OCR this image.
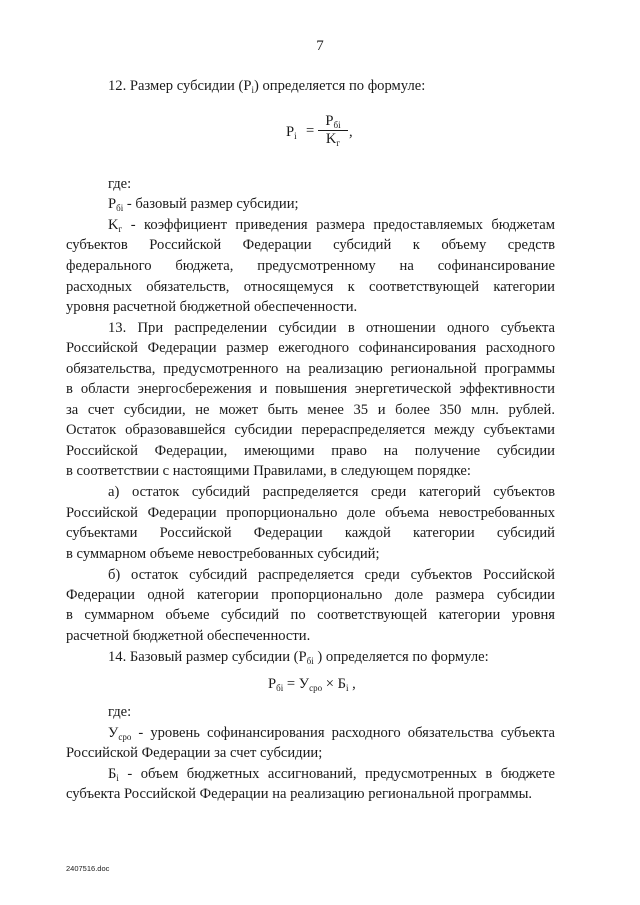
7
12. Размер субсидии $(P_i)$ определяется по формуле:
$P_i$ =
$P_{бi}$
$K_г$
,
где:
$P_{бi}$ - базовый размер субсидии;
$K_г$ - коэффициент приведения размера предоставляемых бюджетам
субъектов Российской Федерации субсидий к объему средств
федерального бюджета, предусмотренному на софинансирование
расходных обязательств, относящемуся к соответствующей категории
уровня расчетной бюджетной обеспеченности.
13. При распределении субсидии в отношении одного субъекта
Российской Федерации размер ежегодного софинансирования расходного
обязательства, предусмотренного на реализацию региональной программы
в области энергосбережения и повышения энергетической эффективности
за счет субсидии, не может быть менее 35 и более 350 млн. рублей.
Остаток образовавшейся субсидии перераспределяется между субъектами
Российской Федерации, имеющими право на получение субсидии
в соответствии с настоящими Правилами, в следующем порядке:
а) остаток субсидий распределяется среди категорий субъектов
Российской Федерации пропорционально доле объема невостребованных
субъектами Российской Федерации каждой категории субсидий
в суммарном объеме невостребованных субсидий;
б) остаток субсидий распределяется среди субъектов Российской
Федерации одной категории пропорционально доле размера субсидии
в суммарном объеме субсидий по соответствующей категории уровня
расчетной бюджетной обеспеченности.
14. Базовый размер субсидии ($P_{бi}$ ) определяется по формуле:
$P_{бi} = У_{сро} \times Б_i$ ,
где:
$У_{сро}$ - уровень софинансирования расходного обязательства субъекта
Российской Федерации за счет субсидии;
$Б_i$ - объем бюджетных ассигнований, предусмотренных в бюджете
субъекта Российской Федерации на реализацию региональной программы.
2407516.doc
